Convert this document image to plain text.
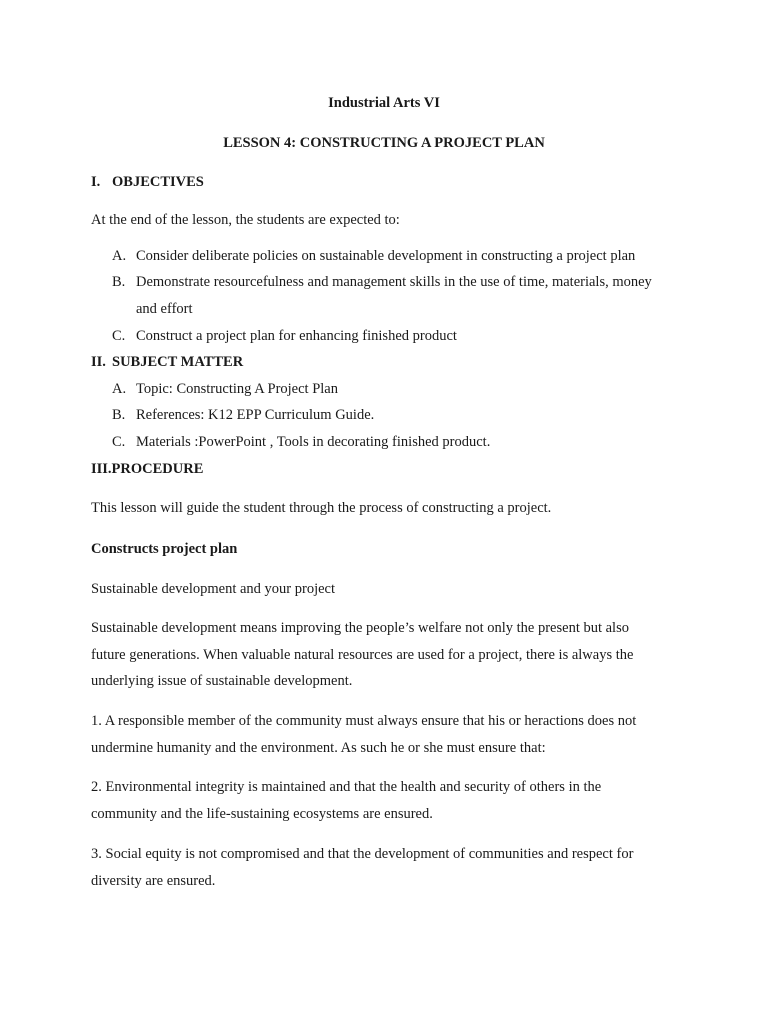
Industrial Arts VI
LESSON 4: CONSTRUCTING A PROJECT PLAN
I. OBJECTIVES
At the end of the lesson, the students are expected to:
A. Consider deliberate policies on sustainable development in constructing a project plan
B. Demonstrate resourcefulness and management skills in the use of time, materials, money
and effort
C. Construct a project plan for enhancing finished product
II. SUBJECT MATTER
A. Topic: Constructing A Project Plan
B. References: K12 EPP Curriculum Guide.
C. Materials :PowerPoint , Tools in decorating finished product.
III.PROCEDURE
This lesson will guide the student through the process of constructing a project.
Constructs project plan
Sustainable development and your project
Sustainable development means improving the people’s welfare not only the present but also
future generations. When valuable natural resources are used for a project, there is always the
underlying issue of sustainable development.
1. A responsible member of the community must always ensure that his or heractions does not
undermine humanity and the environment. As such he or she must ensure that:
2. Environmental integrity is maintained and that the health and security of others in the
community and the life-sustaining ecosystems are ensured.
3. Social equity is not compromised and that the development of communities and respect for
diversity are ensured.
